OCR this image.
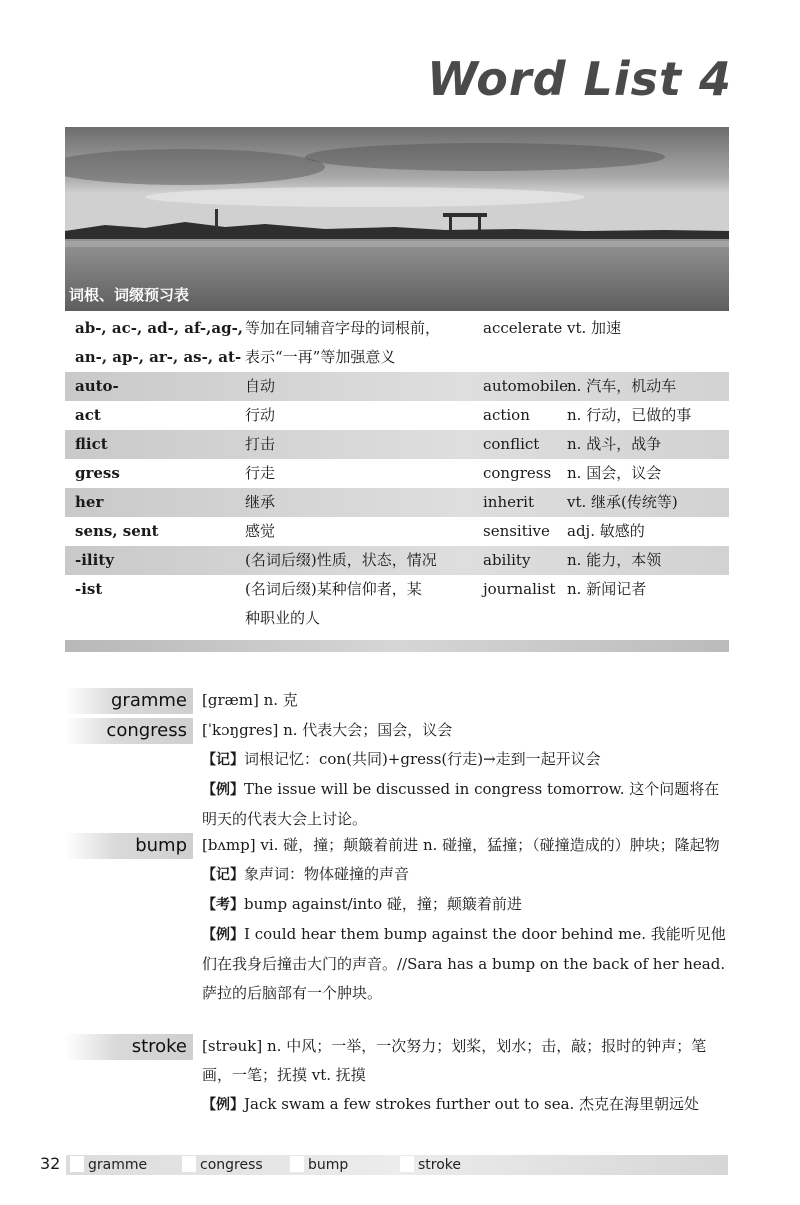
Word List 4
词根、词缀预习表
ab-, ac-, ad-, af-,ag-, 等加在同辅音字母的词根前，	accelerate vt. 加速
an-, ap-, ar-, as-, at- 表示“一再”等加强意义
auto-	自动	automobile n. 汽车，机动车
act	行动	action	n. 行动，已做的事
flict	打击	conflict	n. 战斗，战争
gress	行走	congress	n. 国会，议会
her	继承	inherit	vt. 继承(传统等)
sens, sent	感觉	sensitive	adj. 敏感的
-ility	(名词后缀)性质，状态，情况	ability	n. 能力，本领
-ist	(名词后缀)某种信仰者，某	journalist n. 新闻记者
种职业的人
gramme	[græm] n. 克
congress	[ˈkɔŋgres] n. 代表大会；国会，议会
【记】词根记忆：con(共同)+gress(行走)→走到一起开议会
【例】The issue will be discussed in congress tomorrow. 这个问题将在明天的代表大会上讨论。
bump	[bʌmp] vi. 碰，撞；颠簸着前进 n. 碰撞，猛撞；（碰撞造成的）肿块；隆起物
【记】象声词：物体碰撞的声音
【考】bump against/into 碰，撞；颠簸着前进
【例】I could hear them bump against the door behind me. 我能听见他们在我身后撞击大门的声音。//Sara has a bump on the back of her head. 萨拉的后脑部有一个肿块。
stroke	[strəuk] n. 中风；一举，一次努力；划桨，划水；击，敲；报时的钟声；笔画，一笔；抚摸 vt. 抚摸
【例】Jack swam a few strokes further out to sea. 杰克在海里朝远处
32	gramme	congress	bump	stroke
